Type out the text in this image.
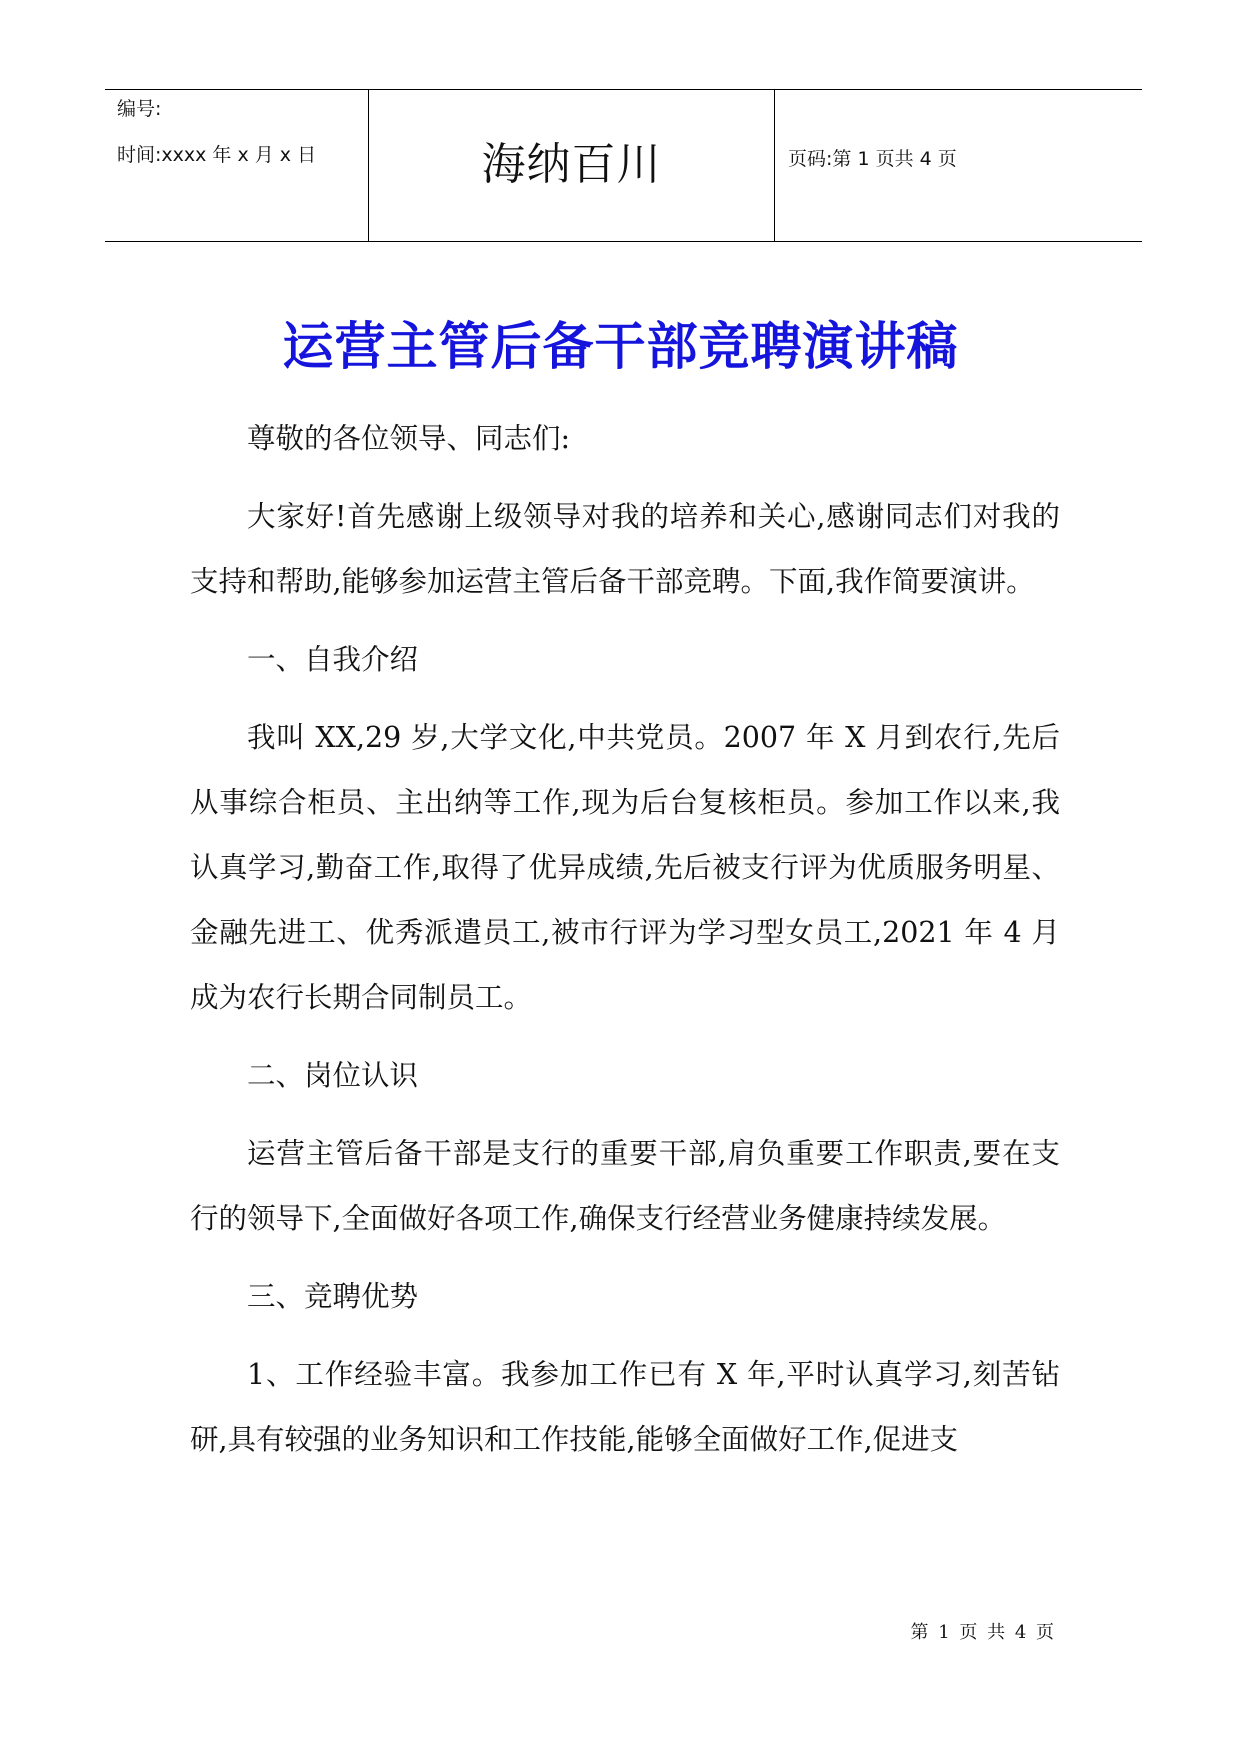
编号:
时间:xxxx 年 x 月 x 日	海纳百川	页码:第 1 页共 4 页
运营主管后备干部竞聘演讲稿

尊敬的各位领导、同志们:

大家好!首先感谢上级领导对我的培养和关心,感谢同志们对我的支持和帮助,能够参加运营主管后备干部竞聘。下面,我作简要演讲。

一、自我介绍

我叫 XX,29 岁,大学文化,中共党员。2007 年 X 月到农行,先后从事综合柜员、主出纳等工作,现为后台复核柜员。参加工作以来,我认真学习,勤奋工作,取得了优异成绩,先后被支行评为优质服务明星、金融先进工、优秀派遣员工,被市行评为学习型女员工,2021 年 4 月成为农行长期合同制员工。

二、岗位认识

运营主管后备干部是支行的重要干部,肩负重要工作职责,要在支行的领导下,全面做好各项工作,确保支行经营业务健康持续发展。

三、竞聘优势

1、工作经验丰富。我参加工作已有 X 年,平时认真学习,刻苦钻研,具有较强的业务知识和工作技能,能够全面做好工作,促进支

第 1 页 共 4 页
